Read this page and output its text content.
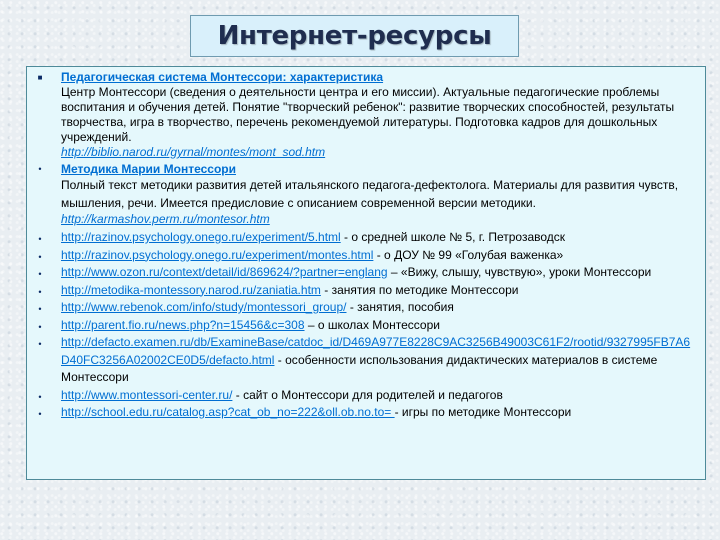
Интернет-ресурсы
■	Педагогическая система Монтессори: характеристика
Центр Монтессори (сведения о деятельности центра и его миссии). Актуальные педагогические проблемы воспитания и обучения детей. Понятие "творческий ребенок": развитие творческих способностей, результаты творчества, игра в творчество, перечень рекомендуемой литературы. Подготовка кадров для дошкольных учреждений.
http://biblio.narod.ru/gyrnal/montes/mont_sod.htm
•	Методика Марии Монтессори
Полный текст методики развития детей итальянского педагога-дефектолога. Материалы для развития чувств, мышления, речи. Имеется предисловие с описанием современной версии методики.
http://karmashov.perm.ru/montesor.htm
•	http://razinov.psychology.onego.ru/experiment/5.html - о средней школе № 5, г. Петрозаводск
•	http://razinov.psychology.onego.ru/experiment/montes.html - о ДОУ № 99 «Голубая важенка»
•	http://www.ozon.ru/context/detail/id/869624/?partner=englang – «Вижу, слышу, чувствую», уроки Монтессори
•	http://metodika-montessory.narod.ru/zaniatia.htm - занятия по методике Монтессори
•	http://www.rebenok.com/info/study/montessori_group/ - занятия, пособия
•	http://parent.fio.ru/news.php?n=15456&c=308 – о школах Монтессори
•	http://defacto.examen.ru/db/ExamineBase/catdoc_id/D469A977E8228C9AC3256B49003C61F2/rootid/9327995FB7A6D40FC3256A02002CE0D5/defacto.html - особенности использования дидактических материалов в системе Монтессори
•	http://www.montessori-center.ru/ - сайт о Монтессори для родителей и педагогов
•	http://school.edu.ru/catalog.asp?cat_ob_no=222&oll.ob.no.to= - игры по методике Монтессори
